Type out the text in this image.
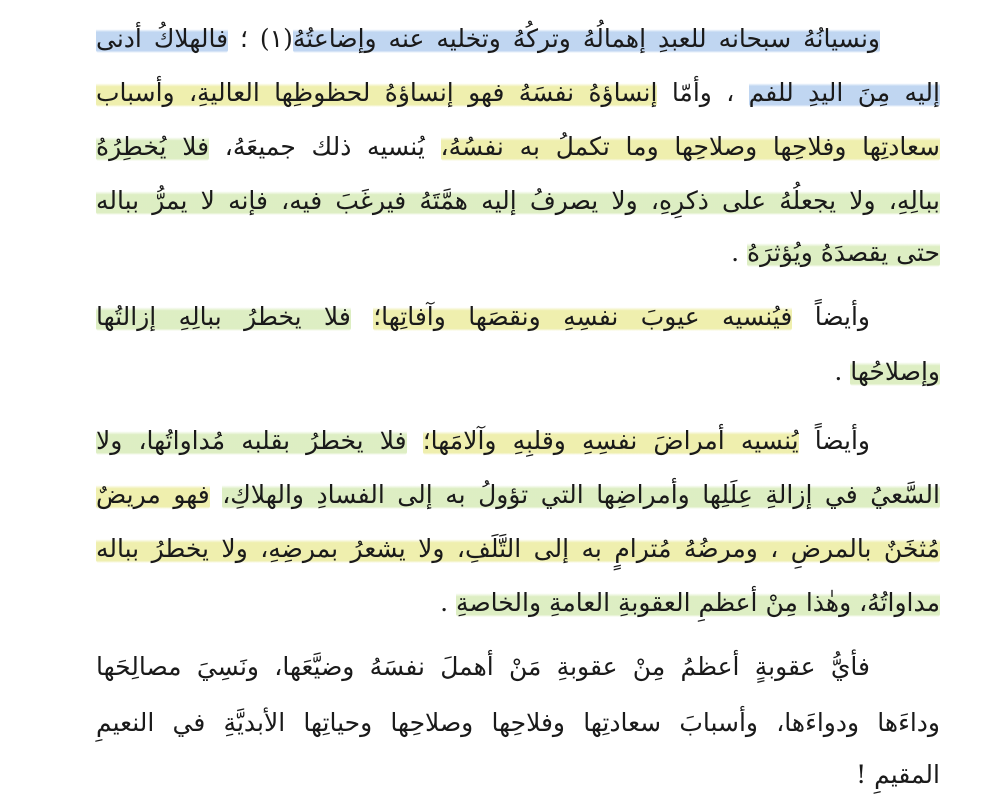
ونسيانُهُ سبحانه للعبدِ إهمالُهُ وتركُهُ وتخليه عنه وإضاعتُهُ(١) ؛ فالهلاكُ أدنى
إليه مِنَ اليدِ للفم ، وأمّا إنساؤهُ نفسَهُ فهو إنساؤهُ لحظوظِها العاليةِ، وأسباب
سعادتِها وفلاحِها وصلاحِها وما تكملُ به نفسُهُ، يُنسيه ذلك جميعَهُ، فلا يُخطِرُهُ
ببالِهِ، ولا يجعلُهُ على ذكرِهِ، ولا يصرفُ إليه همَّتَهُ فيرغَبَ فيه، فإنه لا يمرُّ بباله
حتى يقصدَهُ ويُؤثرَهُ .
وأيضاً فيُنسيه عيوبَ نفسِهِ ونقصَها وآفاتِها؛ فلا يخطرُ ببالِهِ إزالتُها
وإصلاحُها .
وأيضاً يُنسيه أمراضَ نفسِهِ وقلبِهِ وآلامَها؛ فلا يخطرُ بقلبه مُداواتُها، ولا
السَّعيُ في إزالةِ عِلَلِها وأمراضِها التي تؤولُ به إلى الفسادِ والهلاكِ، فهو مريضٌ
مُثخَنٌ بالمرضِ ، ومرضُهُ مُترامٍ به إلى التَّلَفِ، ولا يشعرُ بمرضِهِ، ولا يخطرُ بباله
مداواتُهُ، وهٰذا مِنْ أعظمِ العقوبةِ العامةِ والخاصةِ .
فأيُّ عقوبةٍ أعظمُ مِنْ عقوبةِ مَنْ أهملَ نفسَهُ وضيَّعَها، ونَسِيَ مصالِحَها
وداءَها ودواءَها، وأسبابَ سعادتِها وفلاحِها وصلاحِها وحياتِها الأبديَّةِ في النعيمِ
المقيمِ !
